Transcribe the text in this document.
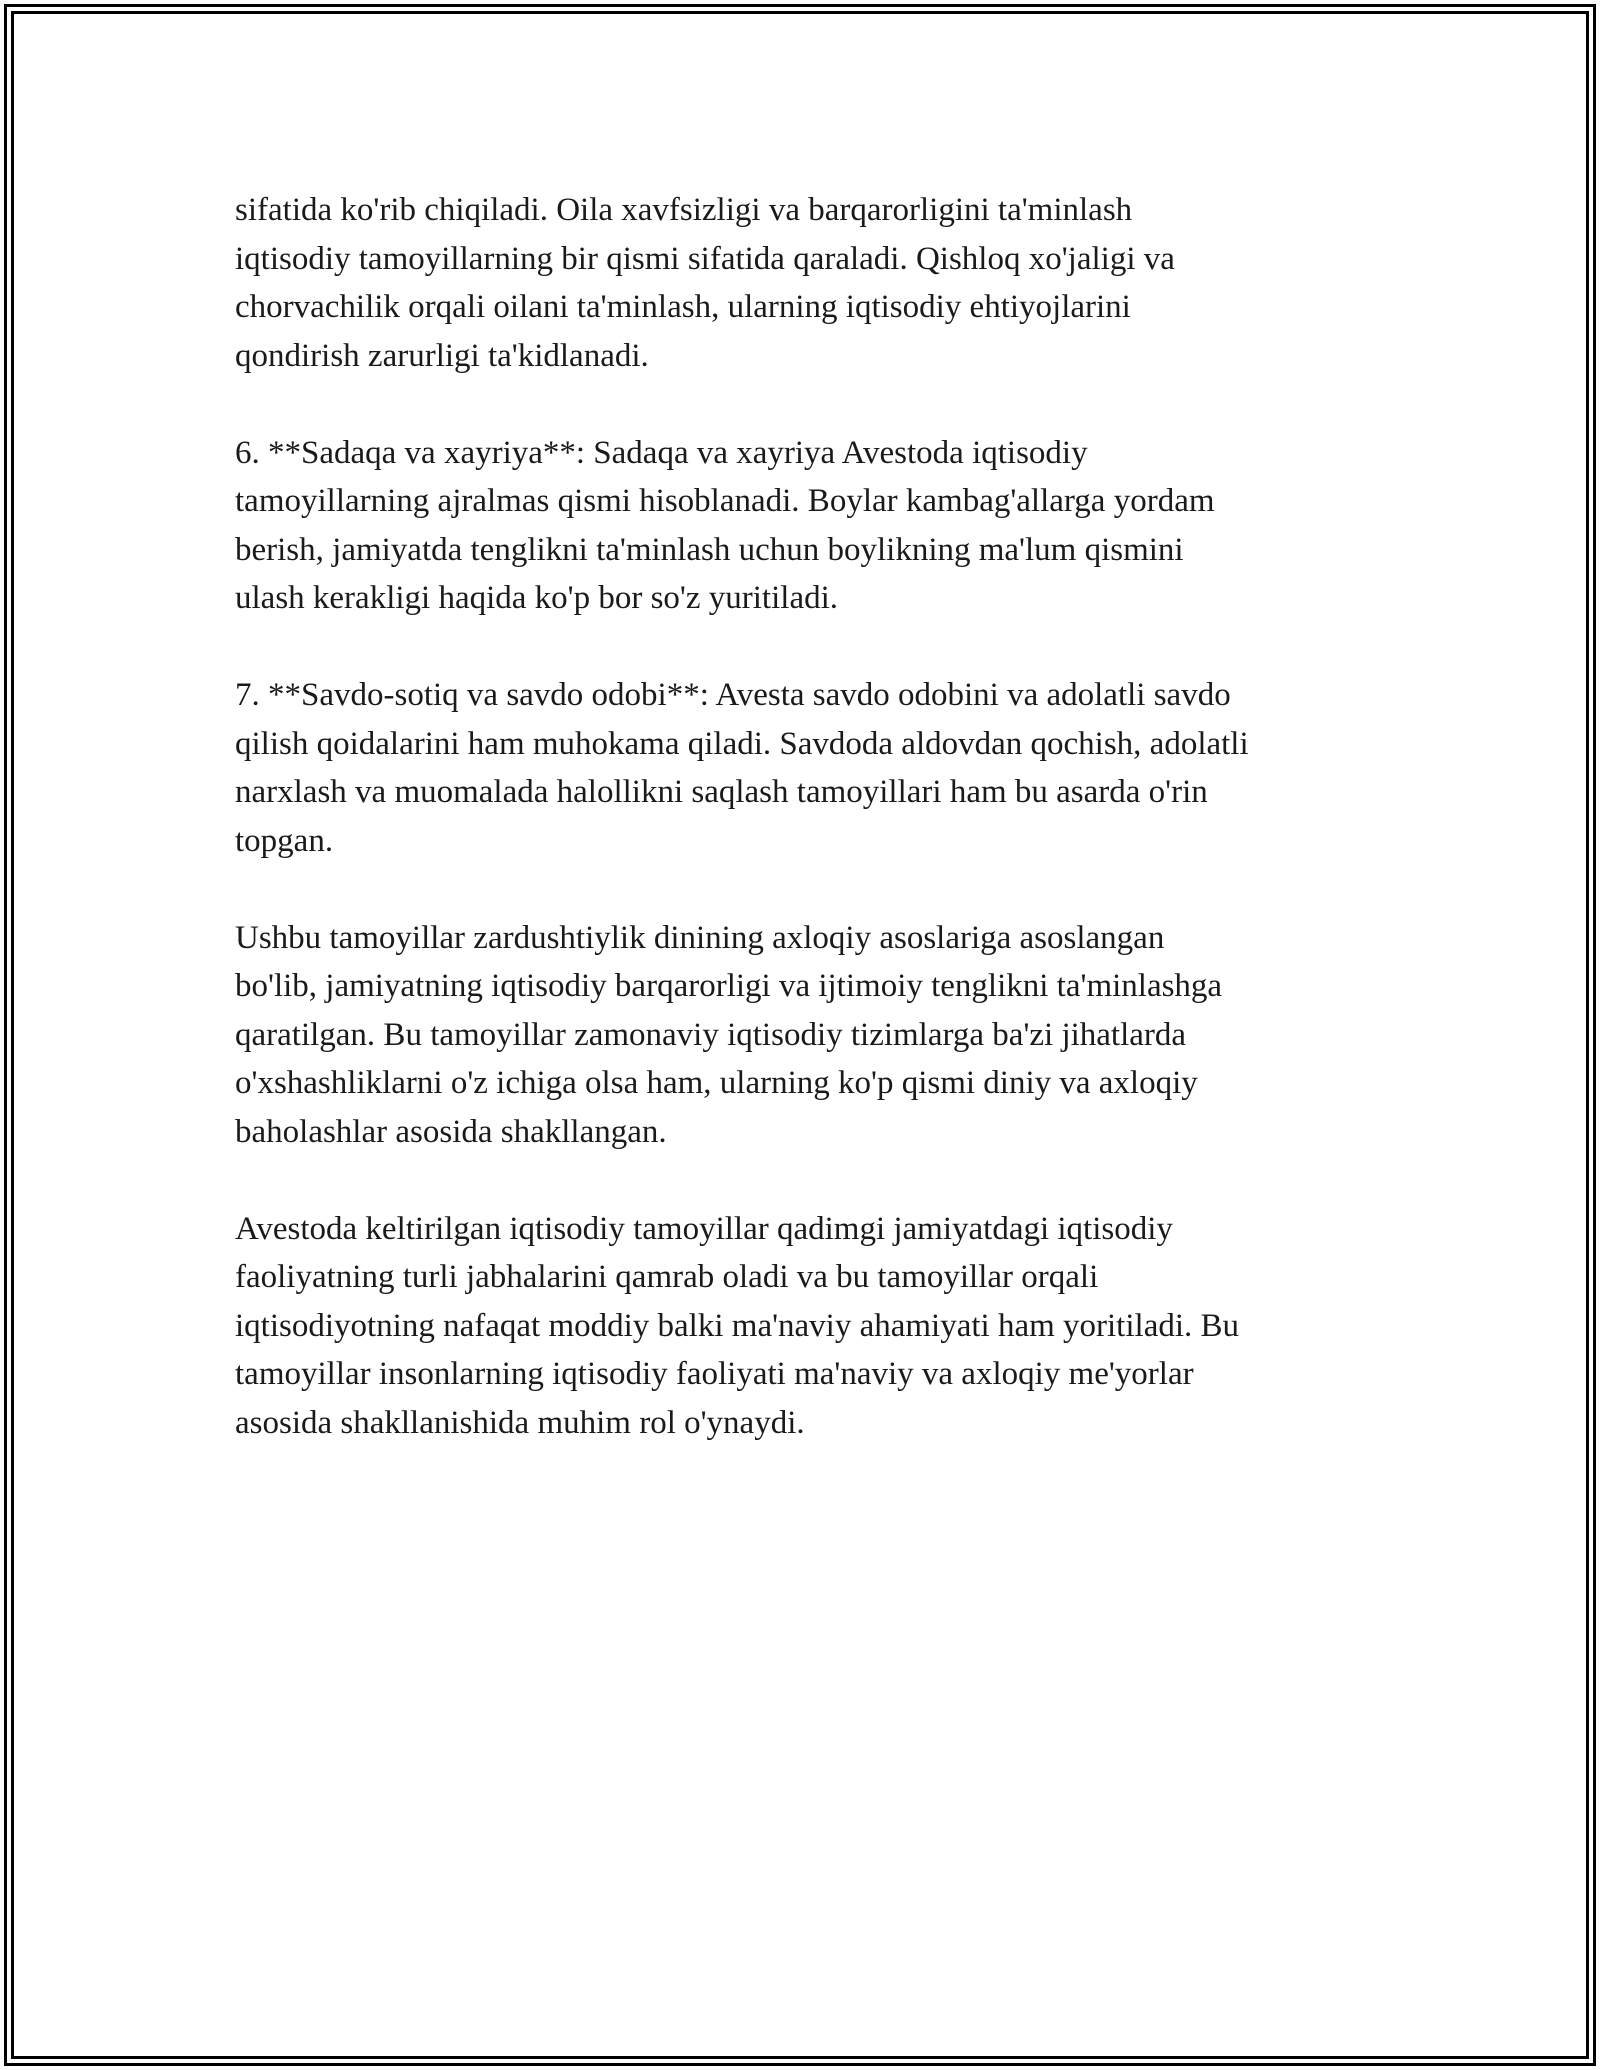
sifatida ko'rib chiqiladi. Oila xavfsizligi va barqarorligini ta'minlash
iqtisodiy tamoyillarning bir qismi sifatida qaraladi. Qishloq xo'jaligi va
chorvachilik orqali oilani ta'minlash, ularning iqtisodiy ehtiyojlarini
qondirish zarurligi ta'kidlanadi.

6. **Sadaqa va xayriya**: Sadaqa va xayriya Avestoda iqtisodiy
tamoyillarning ajralmas qismi hisoblanadi. Boylar kambag'allarga yordam
berish, jamiyatda tenglikni ta'minlash uchun boylikning ma'lum qismini
ulash kerakligi haqida ko'p bor so'z yuritiladi.

7. **Savdo-sotiq va savdo odobi**: Avesta savdo odobini va adolatli savdo
qilish qoidalarini ham muhokama qiladi. Savdoda aldovdan qochish, adolatli
narxlash va muomalada halollikni saqlash tamoyillari ham bu asarda o'rin
topgan.

Ushbu tamoyillar zardushtiylik dinining axloqiy asoslariga asoslangan
bo'lib, jamiyatning iqtisodiy barqarorligi va ijtimoiy tenglikni ta'minlashga
qaratilgan. Bu tamoyillar zamonaviy iqtisodiy tizimlarga ba'zi jihatlarda
o'xshashliklarni o'z ichiga olsa ham, ularning ko'p qismi diniy va axloqiy
baholashlar asosida shakllangan.

Avestoda keltirilgan iqtisodiy tamoyillar qadimgi jamiyatdagi iqtisodiy
faoliyatning turli jabhalarini qamrab oladi va bu tamoyillar orqali
iqtisodiyotning nafaqat moddiy balki ma'naviy ahamiyati ham yoritiladi. Bu
tamoyillar insonlarning iqtisodiy faoliyati ma'naviy va axloqiy me'yorlar
asosida shakllanishida muhim rol o'ynaydi.
